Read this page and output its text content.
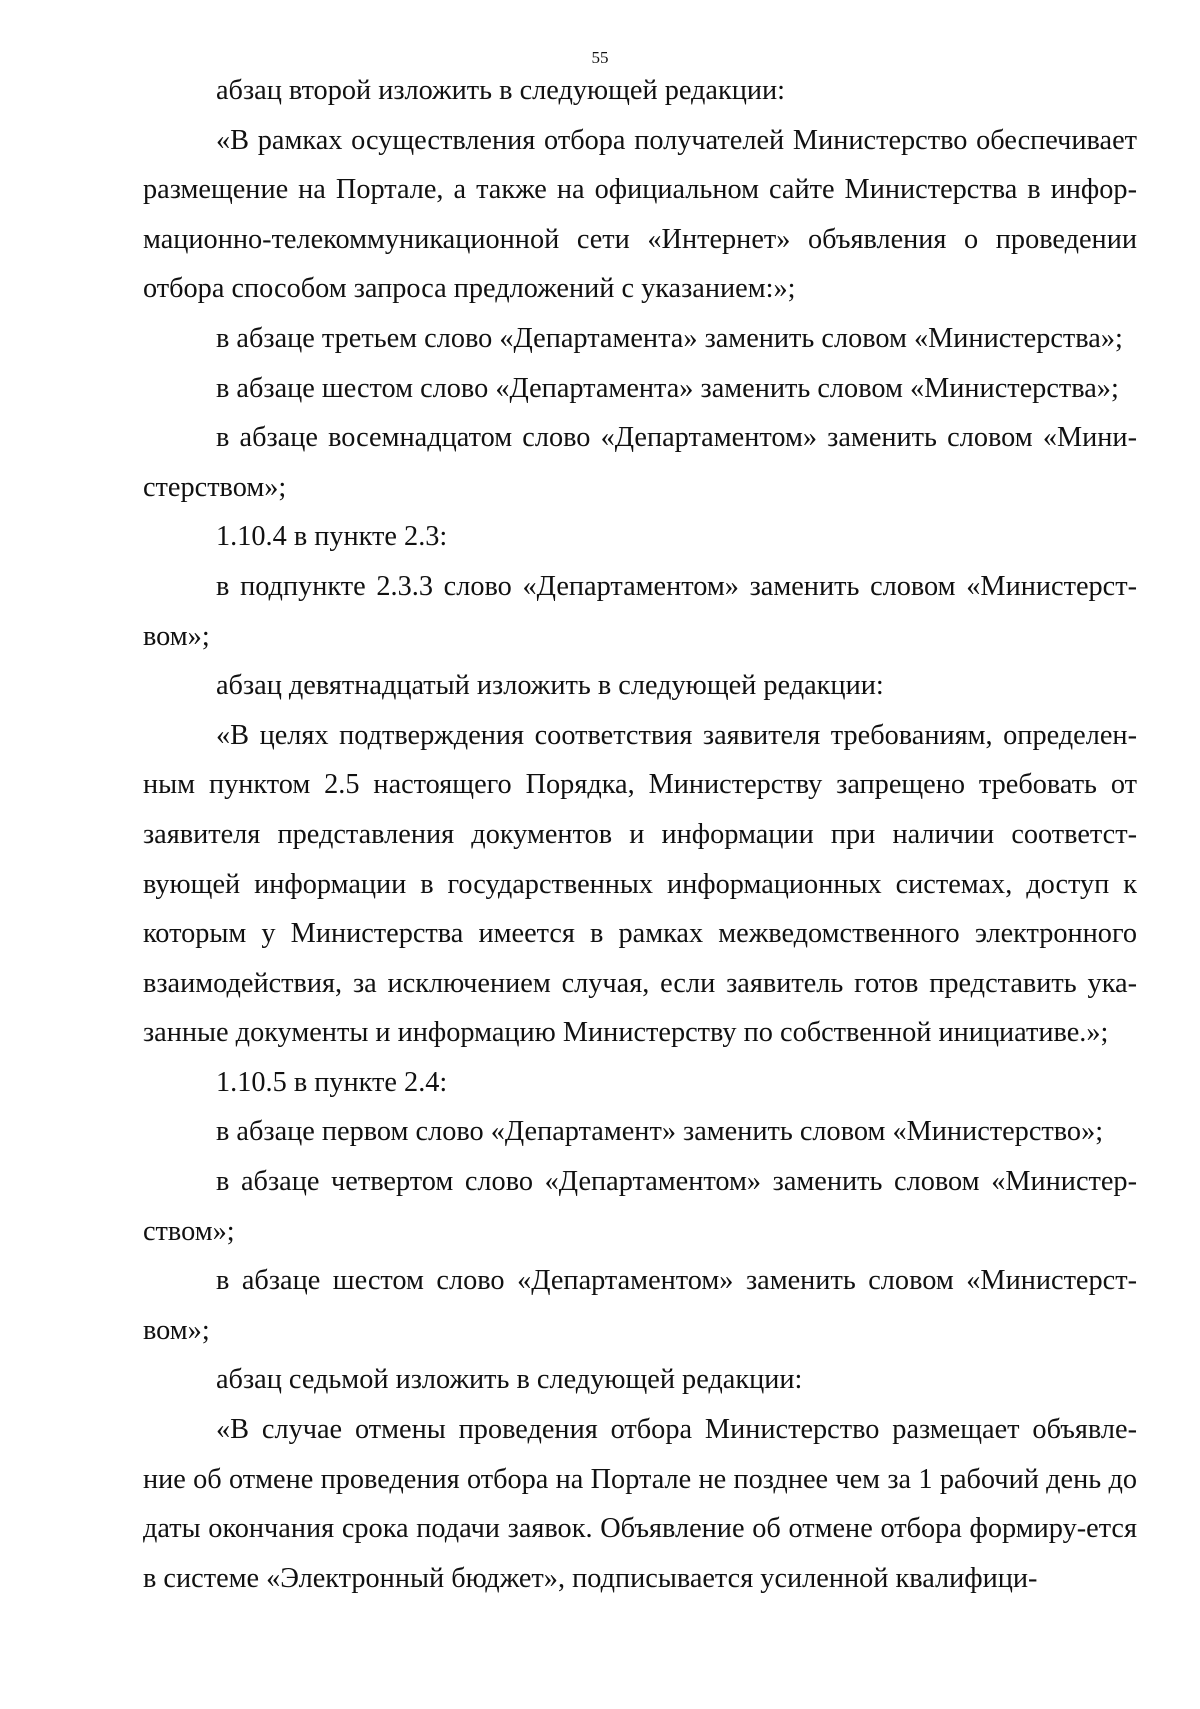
55

абзац второй изложить в следующей редакции:

«В рамках осуществления отбора получателей Министерство обеспечивает размещение на Портале, а также на официальном сайте Министерства в инфор-мационно-телекоммуникационной сети «Интернет» объявления о проведении отбора способом запроса предложений с указанием:»;

в абзаце третьем слово «Департамента» заменить словом «Министерства»;

в абзаце шестом слово «Департамента» заменить словом «Министерства»;

в абзаце восемнадцатом слово «Департаментом» заменить словом «Мини-стерством»;

1.10.4 в пункте 2.3:

в подпункте 2.3.3 слово «Департаментом» заменить словом «Министерст-вом»;

абзац девятнадцатый изложить в следующей редакции:

«В целях подтверждения соответствия заявителя требованиям, определен-ным пунктом 2.5 настоящего Порядка, Министерству запрещено требовать от заявителя представления документов и информации при наличии соответст-вующей информации в государственных информационных системах, доступ к которым у Министерства имеется в рамках межведомственного электронного взаимодействия, за исключением случая, если заявитель готов представить ука-занные документы и информацию Министерству по собственной инициативе.»;

1.10.5 в пункте 2.4:

в абзаце первом слово «Департамент» заменить словом «Министерство»;

в абзаце четвертом слово «Департаментом» заменить словом «Министер-ством»;

в абзаце шестом слово «Департаментом» заменить словом «Министерст-вом»;

абзац седьмой изложить в следующей редакции:

«В случае отмены проведения отбора Министерство размещает объявле-ние об отмене проведения отбора на Портале не позднее чем за 1 рабочий день до даты окончания срока подачи заявок. Объявление об отмене отбора формиру-ется в системе «Электронный бюджет», подписывается усиленной квалифици-
